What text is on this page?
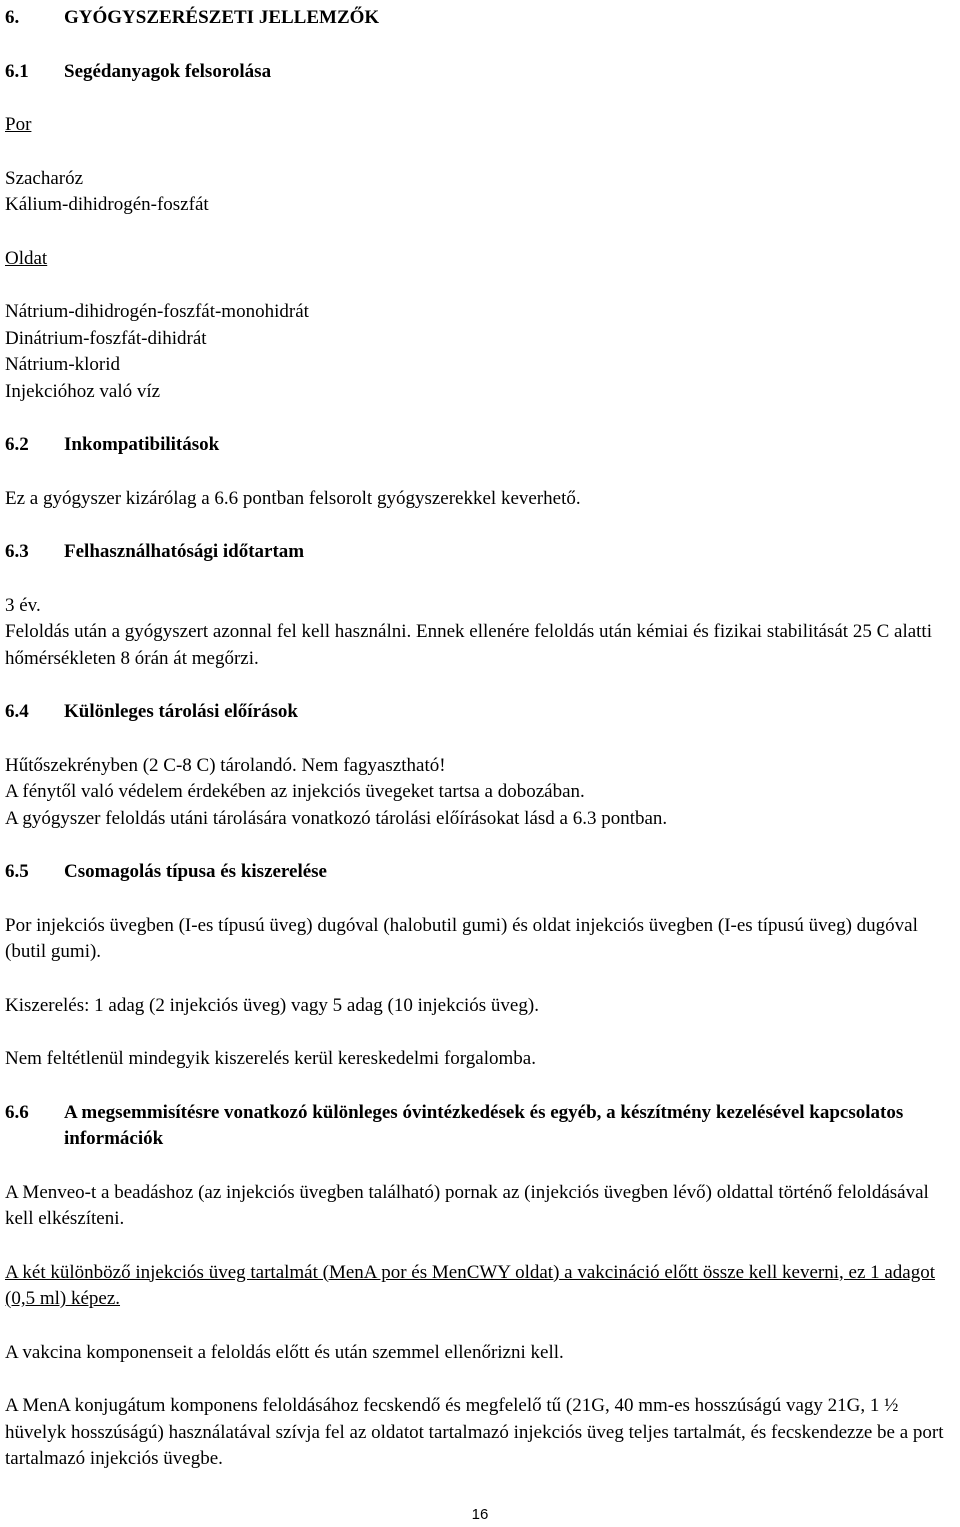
6.	GYÓGYSZERÉSZETI JELLEMZŐK
6.1	Segédanyagok felsorolása

Por

Szacharóz

Kálium-dihidrogén-foszfát

Oldat

Nátrium-dihidrogén-foszfát-monohidrát

Dinátrium-foszfát-dihidrát

Nátrium-klorid

Injekcióhoz való víz

6.2	Inkompatibilitások

Ez a gyógyszer kizárólag a 6.6 pontban felsorolt gyógyszerekkel keverhető.

6.3	Felhasználhatósági időtartam

3 év.

Feloldás után a gyógyszert azonnal fel kell használni. Ennek ellenére feloldás után kémiai és fizikai stabilitását 25 C alatti hőmérsékleten 8 órán át megőrzi.

6.4	Különleges tárolási előírások

Hűtőszekrényben (2 C-8 C) tárolandó. Nem fagyasztható!

A fénytől való védelem érdekében az injekciós üvegeket tartsa a dobozában.

A gyógyszer feloldás utáni tárolására vonatkozó tárolási előírásokat lásd a 6.3 pontban.

6.5	Csomagolás típusa és kiszerelése

Por injekciós üvegben (I-es típusú üveg) dugóval (halobutil gumi) és oldat injekciós üvegben (I-es típusú üveg) dugóval (butil gumi).

Kiszerelés: 1 adag (2 injekciós üveg) vagy 5 adag (10 injekciós üveg).

Nem feltétlenül mindegyik kiszerelés kerül kereskedelmi forgalomba.

6.6	A megsemmisítésre vonatkozó különleges óvintézkedések és egyéb, a készítmény kezelésével kapcsolatos információk

A Menveo-t a beadáshoz (az injekciós üvegben található) pornak az (injekciós üvegben lévő) oldattal történő feloldásával kell elkészíteni.

A két különböző injekciós üveg tartalmát (MenA por és MenCWY oldat) a vakcináció előtt össze kell keverni, ez 1 adagot (0,5 ml) képez.

A vakcina komponenseit a feloldás előtt és után szemmel ellenőrizni kell.

A MenA konjugátum komponens feloldásához fecskendő és megfelelő tű (21G, 40 mm-es hosszúságú vagy 21G, 1 ½ hüvelyk hosszúságú) használatával szívja fel az oldatot tartalmazó injekciós üveg teljes tartalmát, és fecskendezze be a port tartalmazó injekciós üvegbe.

16
